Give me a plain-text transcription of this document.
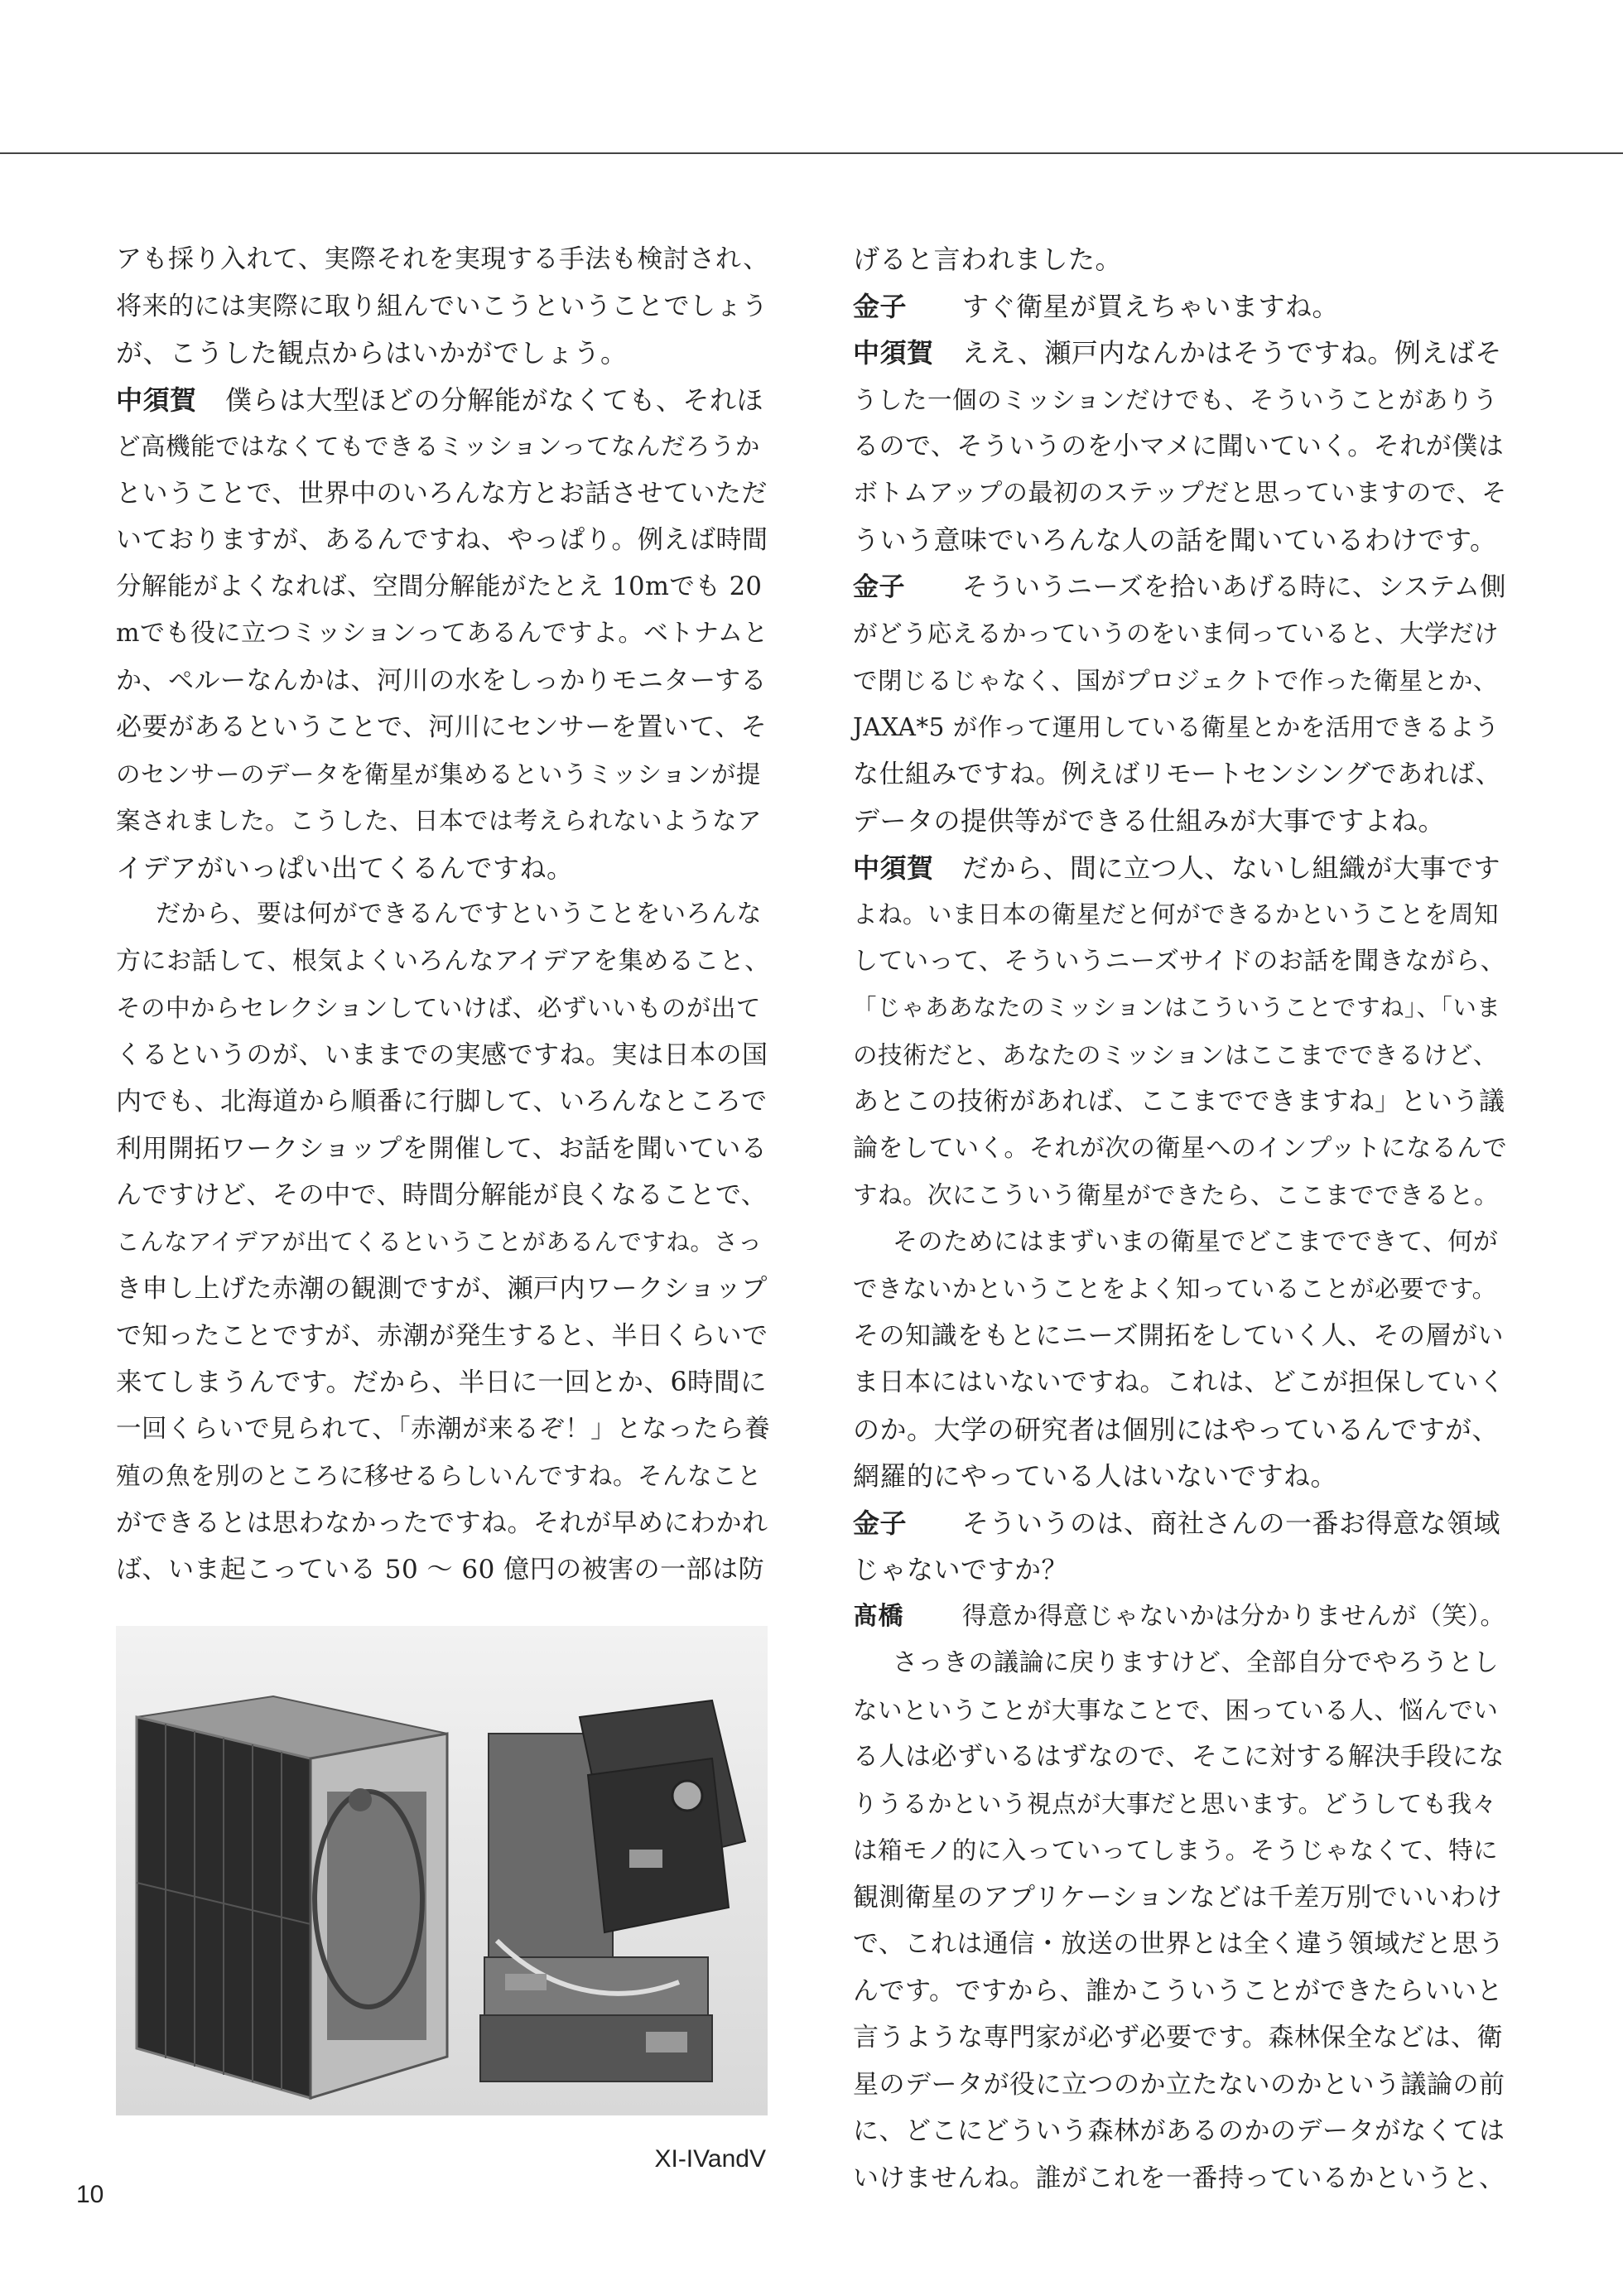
アも採り入れて、実際それを実現する手法も検討され、
将来的には実際に取り組んでいこうということでしょう
が、こうした観点からはいかがでしょう。
中須賀 僕らは大型ほどの分解能がなくても、それほ
ど高機能ではなくてもできるミッションってなんだろうか
ということで、世界中のいろんな方とお話させていただ
いておりますが、あるんですね、やっぱり。例えば時間
分解能がよくなれば、空間分解能がたとえ 10mでも 20
mでも役に立つミッションってあるんですよ。ベトナムと
か、ペルーなんかは、河川の水をしっかりモニターする
必要があるということで、河川にセンサーを置いて、そ
のセンサーのデータを衛星が集めるというミッションが提
案されました。こうした、日本では考えられないようなア
イデアがいっぱい出てくるんですね。
だから、要は何ができるんですということをいろんな
方にお話して、根気よくいろんなアイデアを集めること、
その中からセレクションしていけば、必ずいいものが出て
くるというのが、いままでの実感ですね。実は日本の国
内でも、北海道から順番に行脚して、いろんなところで
利用開拓ワークショップを開催して、お話を聞いている
んですけど、その中で、時間分解能が良くなることで、
こんなアイデアが出てくるということがあるんですね。さっ
き申し上げた赤潮の観測ですが、瀬戸内ワークショップ
で知ったことですが、赤潮が発生すると、半日くらいで
来てしまうんです。だから、半日に一回とか、6時間に
一回くらいで見られて、「赤潮が来るぞ！」となったら養
殖の魚を別のところに移せるらしいんですね。そんなこと
ができるとは思わなかったですね。それが早めにわかれ
ば、いま起こっている 50 〜 60 億円の被害の一部は防
げると言われました。
金子 すぐ衛星が買えちゃいますね。
中須賀 ええ、瀬戸内なんかはそうですね。例えばそ
うした一個のミッションだけでも、そういうことがありう
るので、そういうのを小マメに聞いていく。それが僕は
ボトムアップの最初のステップだと思っていますので、そ
ういう意味でいろんな人の話を聞いているわけです。
金子 そういうニーズを拾いあげる時に、システム側
がどう応えるかっていうのをいま伺っていると、大学だけ
で閉じるじゃなく、国がプロジェクトで作った衛星とか、
JAXA*5 が作って運用している衛星とかを活用できるよう
な仕組みですね。例えばリモートセンシングであれば、
データの提供等ができる仕組みが大事ですよね。
中須賀 だから、間に立つ人、ないし組織が大事です
よね。いま日本の衛星だと何ができるかということを周知
していって、そういうニーズサイドのお話を聞きながら、
「じゃああなたのミッションはこういうことですね」、「いま
の技術だと、あなたのミッションはここまでできるけど、
あとこの技術があれば、ここまでできますね」という議
論をしていく。それが次の衛星へのインプットになるんで
すね。次にこういう衛星ができたら、ここまでできると。
そのためにはまずいまの衛星でどこまでできて、何が
できないかということをよく知っていることが必要です。
その知識をもとにニーズ開拓をしていく人、その層がい
ま日本にはいないですね。これは、どこが担保していく
のか。大学の研究者は個別にはやっているんですが、
網羅的にやっている人はいないですね。
金子 そういうのは、商社さんの一番お得意な領域
じゃないですか？
髙橋 得意か得意じゃないかは分かりませんが（笑）。
さっきの議論に戻りますけど、全部自分でやろうとし
ないということが大事なことで、困っている人、悩んでい
る人は必ずいるはずなので、そこに対する解決手段にな
りうるかという視点が大事だと思います。どうしても我々
は箱モノ的に入っていってしまう。そうじゃなくて、特に
観測衛星のアプリケーションなどは千差万別でいいわけ
で、これは通信・放送の世界とは全く違う領域だと思う
んです。ですから、誰かこういうことができたらいいと
言うような専門家が必ず必要です。森林保全などは、衛
星のデータが役に立つのか立たないのかという議論の前
に、どこにどういう森林があるのかのデータがなくては
いけませんね。誰がこれを一番持っているかというと、
XI-IVandV
10
